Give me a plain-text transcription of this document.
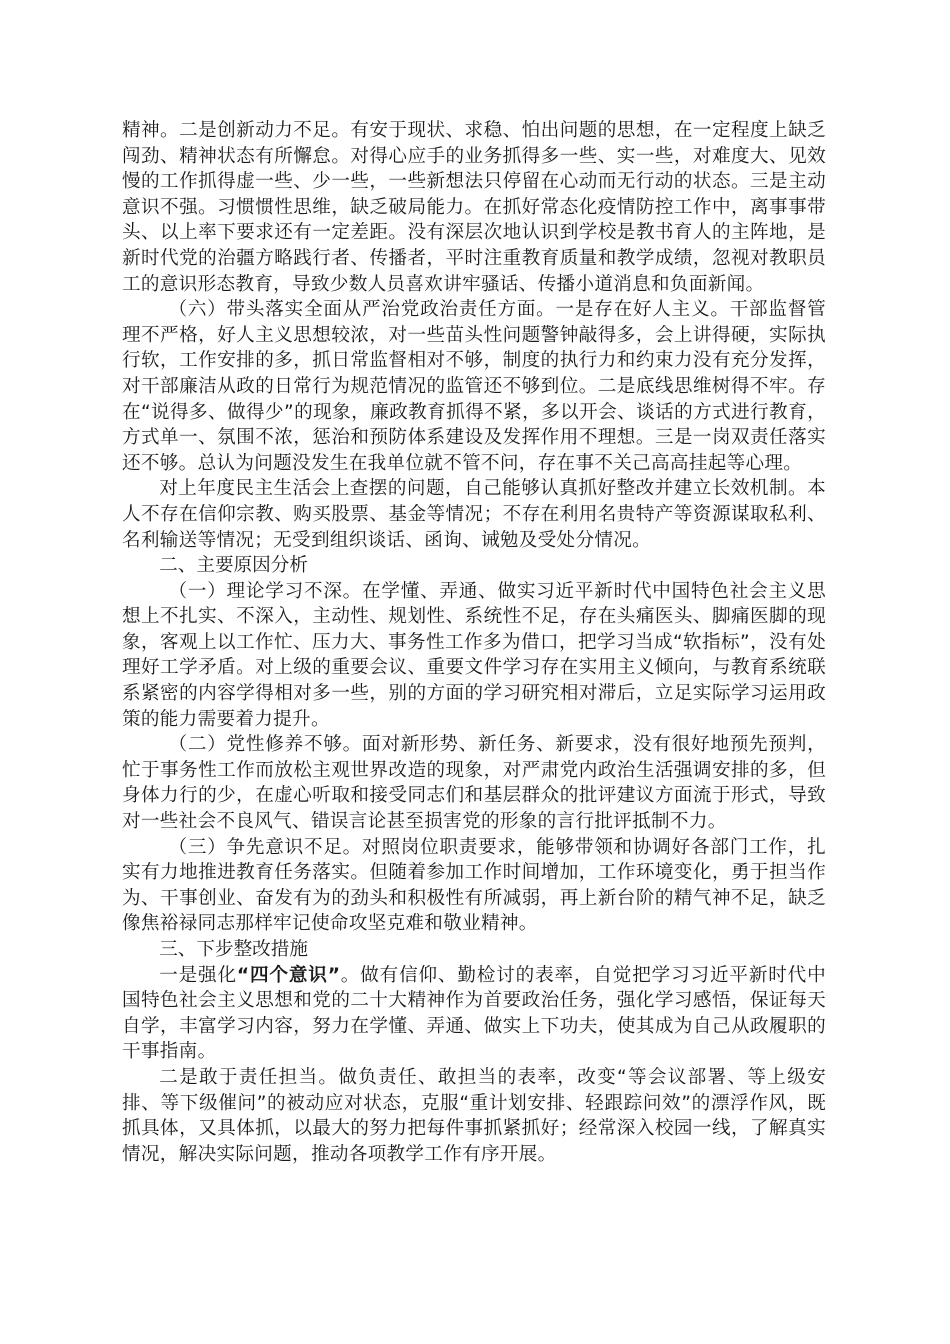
精神。二是创新动力不足。有安于现状、求稳、怕出问题的思想，在一定程度上缺乏闯劲、精神状态有所懈怠。对得心应手的业务抓得多一些、实一些，对难度大、见效慢的工作抓得虚一些、少一些，一些新想法只停留在心动而无行动的状态。三是主动意识不强。习惯惯性思维，缺乏破局能力。在抓好常态化疫情防控工作中，离事事带头、以上率下要求还有一定差距。没有深层次地认识到学校是教书育人的主阵地，是新时代党的治疆方略践行者、传播者，平时注重教育质量和教学成绩，忽视对教职员工的意识形态教育，导致少数人员喜欢讲牢骚话、传播小道消息和负面新闻。

（六）带头落实全面从严治党政治责任方面。一是存在好人主义。干部监督管理不严格，好人主义思想较浓，对一些苗头性问题警钟敲得多，会上讲得硬，实际执行软，工作安排的多，抓日常监督相对不够，制度的执行力和约束力没有充分发挥，对干部廉洁从政的日常行为规范情况的监管还不够到位。二是底线思维树得不牢。存在“说得多、做得少”的现象，廉政教育抓得不紧，多以开会、谈话的方式进行教育，方式单一、氛围不浓，惩治和预防体系建设及发挥作用不理想。三是一岗双责任落实还不够。总认为问题没发生在我单位就不管不问，存在事不关己高高挂起等心理。

对上年度民主生活会上查摆的问题，自己能够认真抓好整改并建立长效机制。本人不存在信仰宗教、购买股票、基金等情况；不存在利用名贵特产等资源谋取私利、名利输送等情况；无受到组织谈话、函询、诫勉及受处分情况。

二、主要原因分析

（一）理论学习不深。在学懂、弄通、做实习近平新时代中国特色社会主义思想上不扎实、不深入，主动性、规划性、系统性不足，存在头痛医头、脚痛医脚的现象，客观上以工作忙、压力大、事务性工作多为借口，把学习当成“软指标”，没有处理好工学矛盾。对上级的重要会议、重要文件学习存在实用主义倾向，与教育系统联系紧密的内容学得相对多一些，别的方面的学习研究相对滞后，立足实际学习运用政策的能力需要着力提升。

（二）党性修养不够。面对新形势、新任务、新要求，没有很好地预先预判，忙于事务性工作而放松主观世界改造的现象，对严肃党内政治生活强调安排的多，但身体力行的少，在虚心听取和接受同志们和基层群众的批评建议方面流于形式，导致对一些社会不良风气、错误言论甚至损害党的形象的言行批评抵制不力。

（三）争先意识不足。对照岗位职责要求，能够带领和协调好各部门工作，扎实有力地推进教育任务落实。但随着参加工作时间增加，工作环境变化，勇于担当作为、干事创业、奋发有为的劲头和积极性有所减弱，再上新台阶的精气神不足，缺乏像焦裕禄同志那样牢记使命攻坚克难和敬业精神。

三、下步整改措施

一是强化“四个意识”。做有信仰、勤检讨的表率，自觉把学习习近平新时代中国特色社会主义思想和党的二十大精神作为首要政治任务，强化学习感悟，保证每天自学，丰富学习内容，努力在学懂、弄通、做实上下功夫，使其成为自己从政履职的干事指南。

二是敢于责任担当。做负责任、敢担当的表率，改变“等会议部署、等上级安排、等下级催问”的被动应对状态，克服“重计划安排、轻跟踪问效”的漂浮作风，既抓具体，又具体抓，以最大的努力把每件事抓紧抓好；经常深入校园一线，了解真实情况，解决实际问题，推动各项教学工作有序开展。
